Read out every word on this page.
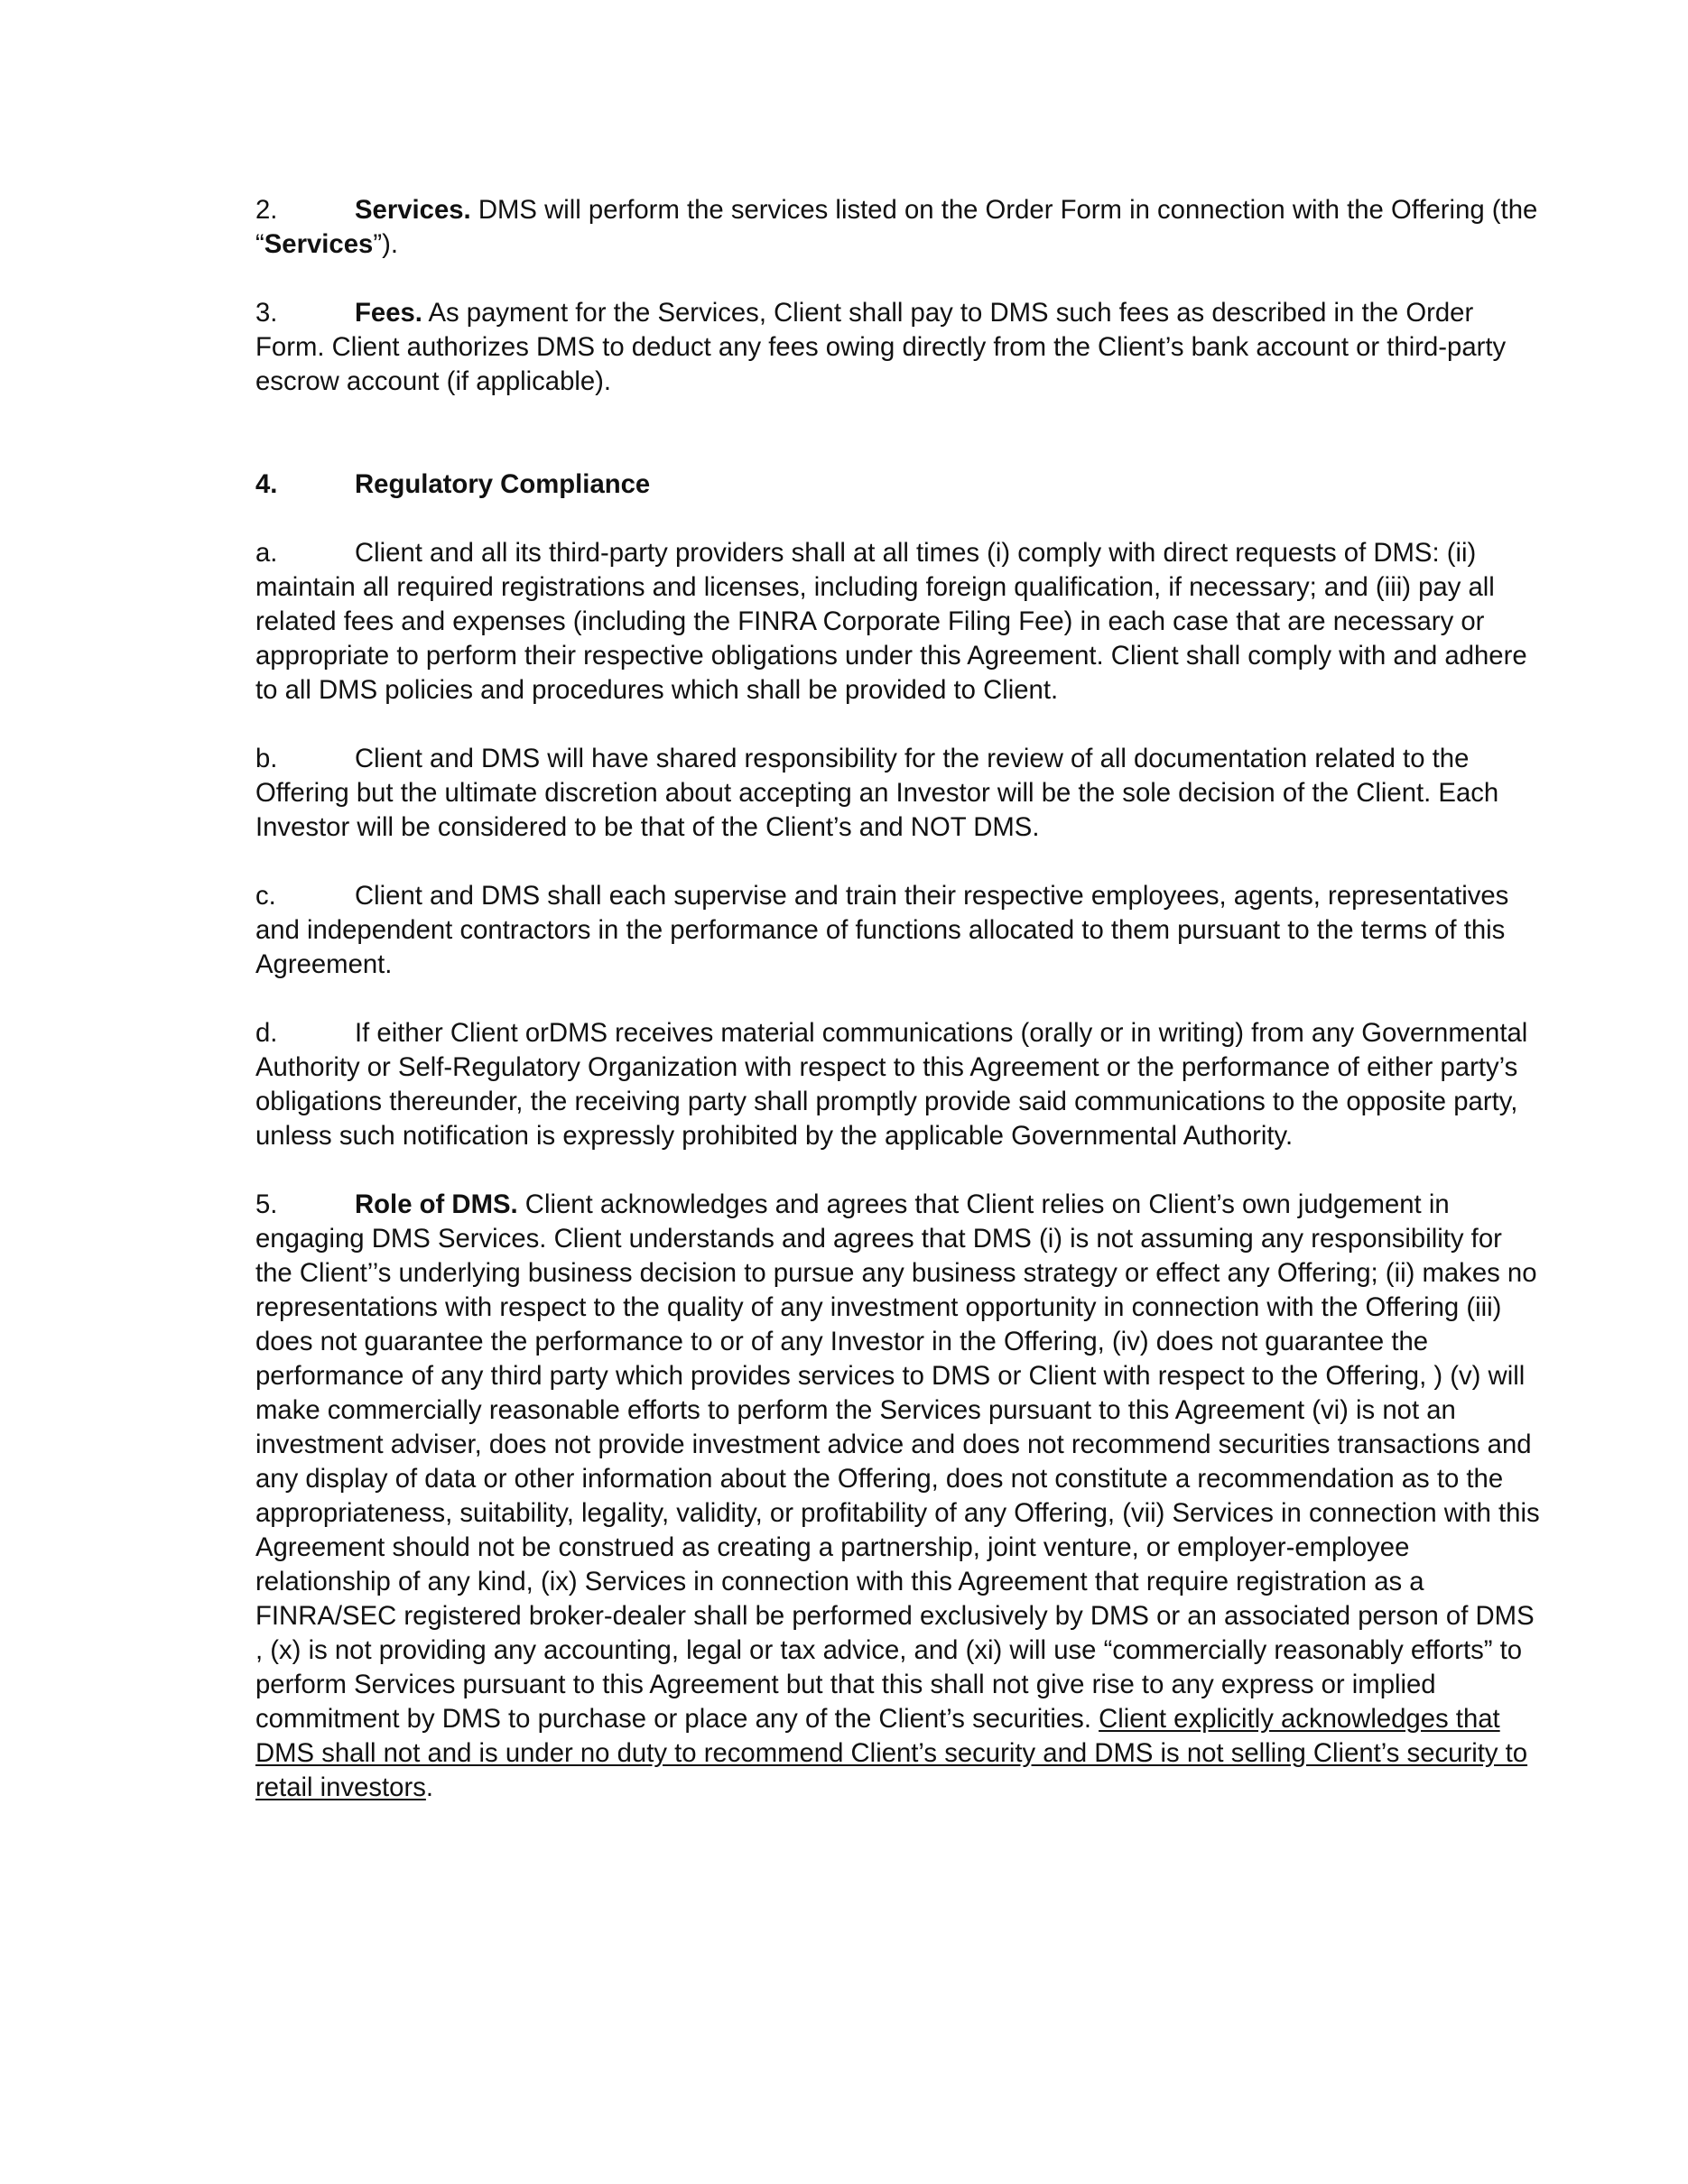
2.	Services. DMS will perform the services listed on the Order Form in connection with the Offering (the “Services”).

3.	Fees. As payment for the Services, Client shall pay to DMS such fees as described in the Order Form. Client authorizes DMS to deduct any fees owing directly from the Client’s bank account or third-party escrow account (if applicable).

4.	Regulatory Compliance

a.	Client and all its third-party providers shall at all times (i) comply with direct requests of DMS: (ii) maintain all required registrations and licenses, including foreign qualification, if necessary; and (iii) pay all related fees and expenses (including the FINRA Corporate Filing Fee) in each case that are necessary or appropriate to perform their respective obligations under this Agreement. Client shall comply with and adhere to all DMS policies and procedures which shall be provided to Client.

b.	Client and DMS will have shared responsibility for the review of all documentation related to the Offering but the ultimate discretion about accepting an Investor will be the sole decision of the Client. Each Investor will be considered to be that of the Client’s and NOT DMS.

c.	Client and DMS shall each supervise and train their respective employees, agents, representatives and independent contractors in the performance of functions allocated to them pursuant to the terms of this Agreement.

d.	If either Client orDMS receives material communications (orally or in writing) from any Governmental Authority or Self-Regulatory Organization with respect to this Agreement or the performance of either party’s obligations thereunder, the receiving party shall promptly provide said communications to the opposite party, unless such notification is expressly prohibited by the applicable Governmental Authority.

5.	Role of DMS. Client acknowledges and agrees that Client relies on Client’s own judgement in engaging DMS Services. Client understands and agrees that DMS (i) is not assuming any responsibility for the Client’’s underlying business decision to pursue any business strategy or effect any Offering; (ii) makes no representations with respect to the quality of any investment opportunity in connection with the Offering (iii) does not guarantee the performance to or of any Investor in the Offering, (iv) does not guarantee the performance of any third party which provides services to DMS or Client with respect to the Offering, ) (v) will make commercially reasonable efforts to perform the Services pursuant to this Agreement (vi) is not an investment adviser, does not provide investment advice and does not recommend securities transactions and any display of data or other information about the Offering, does not constitute a recommendation as to the appropriateness, suitability, legality, validity, or profitability of any Offering, (vii) Services in connection with this Agreement should not be construed as creating a partnership, joint venture, or employer-employee relationship of any kind, (ix) Services in connection with this Agreement that require registration as a FINRA/SEC registered broker-dealer shall be performed exclusively by DMS or an associated person of DMS , (x) is not providing any accounting, legal or tax advice, and (xi) will use “commercially reasonably efforts” to perform Services pursuant to this Agreement but that this shall not give rise to any express or implied commitment by DMS to purchase or place any of the Client’s securities. Client explicitly acknowledges that DMS shall not and is under no duty to recommend Client’s security and DMS is not selling Client’s security to retail investors.
